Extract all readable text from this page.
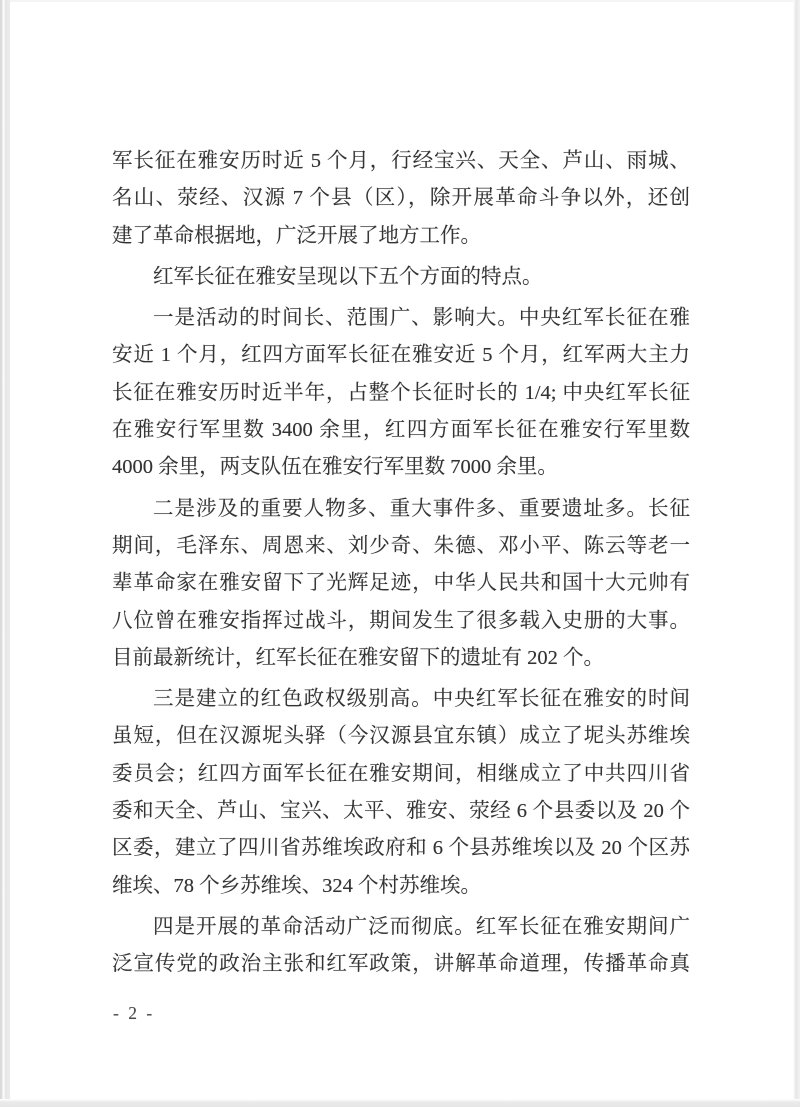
军长征在雅安历时近 5 个月，行经宝兴、天全、芦山、雨城、
名山、荥经、汉源 7 个县（区），除开展革命斗争以外，还创
建了革命根据地，广泛开展了地方工作。
红军长征在雅安呈现以下五个方面的特点。
一是活动的时间长、范围广、影响大。中央红军长征在雅
安近 1 个月，红四方面军长征在雅安近 5 个月，红军两大主力
长征在雅安历时近半年，占整个长征时长的 1/4; 中央红军长征
在雅安行军里数 3400 余里，红四方面军长征在雅安行军里数
4000 余里，两支队伍在雅安行军里数 7000 余里。
二是涉及的重要人物多、重大事件多、重要遗址多。长征
期间，毛泽东、周恩来、刘少奇、朱德、邓小平、陈云等老一
辈革命家在雅安留下了光辉足迹，中华人民共和国十大元帅有
八位曾在雅安指挥过战斗，期间发生了很多载入史册的大事。
目前最新统计，红军长征在雅安留下的遗址有 202 个。
三是建立的红色政权级别高。中央红军长征在雅安的时间
虽短，但在汉源坭头驿（今汉源县宜东镇）成立了坭头苏维埃
委员会；红四方面军长征在雅安期间，相继成立了中共四川省
委和天全、芦山、宝兴、太平、雅安、荥经 6 个县委以及 20 个
区委，建立了四川省苏维埃政府和 6 个县苏维埃以及 20 个区苏
维埃、78 个乡苏维埃、324 个村苏维埃。
四是开展的革命活动广泛而彻底。红军长征在雅安期间广
泛宣传党的政治主张和红军政策，讲解革命道理，传播革命真
- 2 -
